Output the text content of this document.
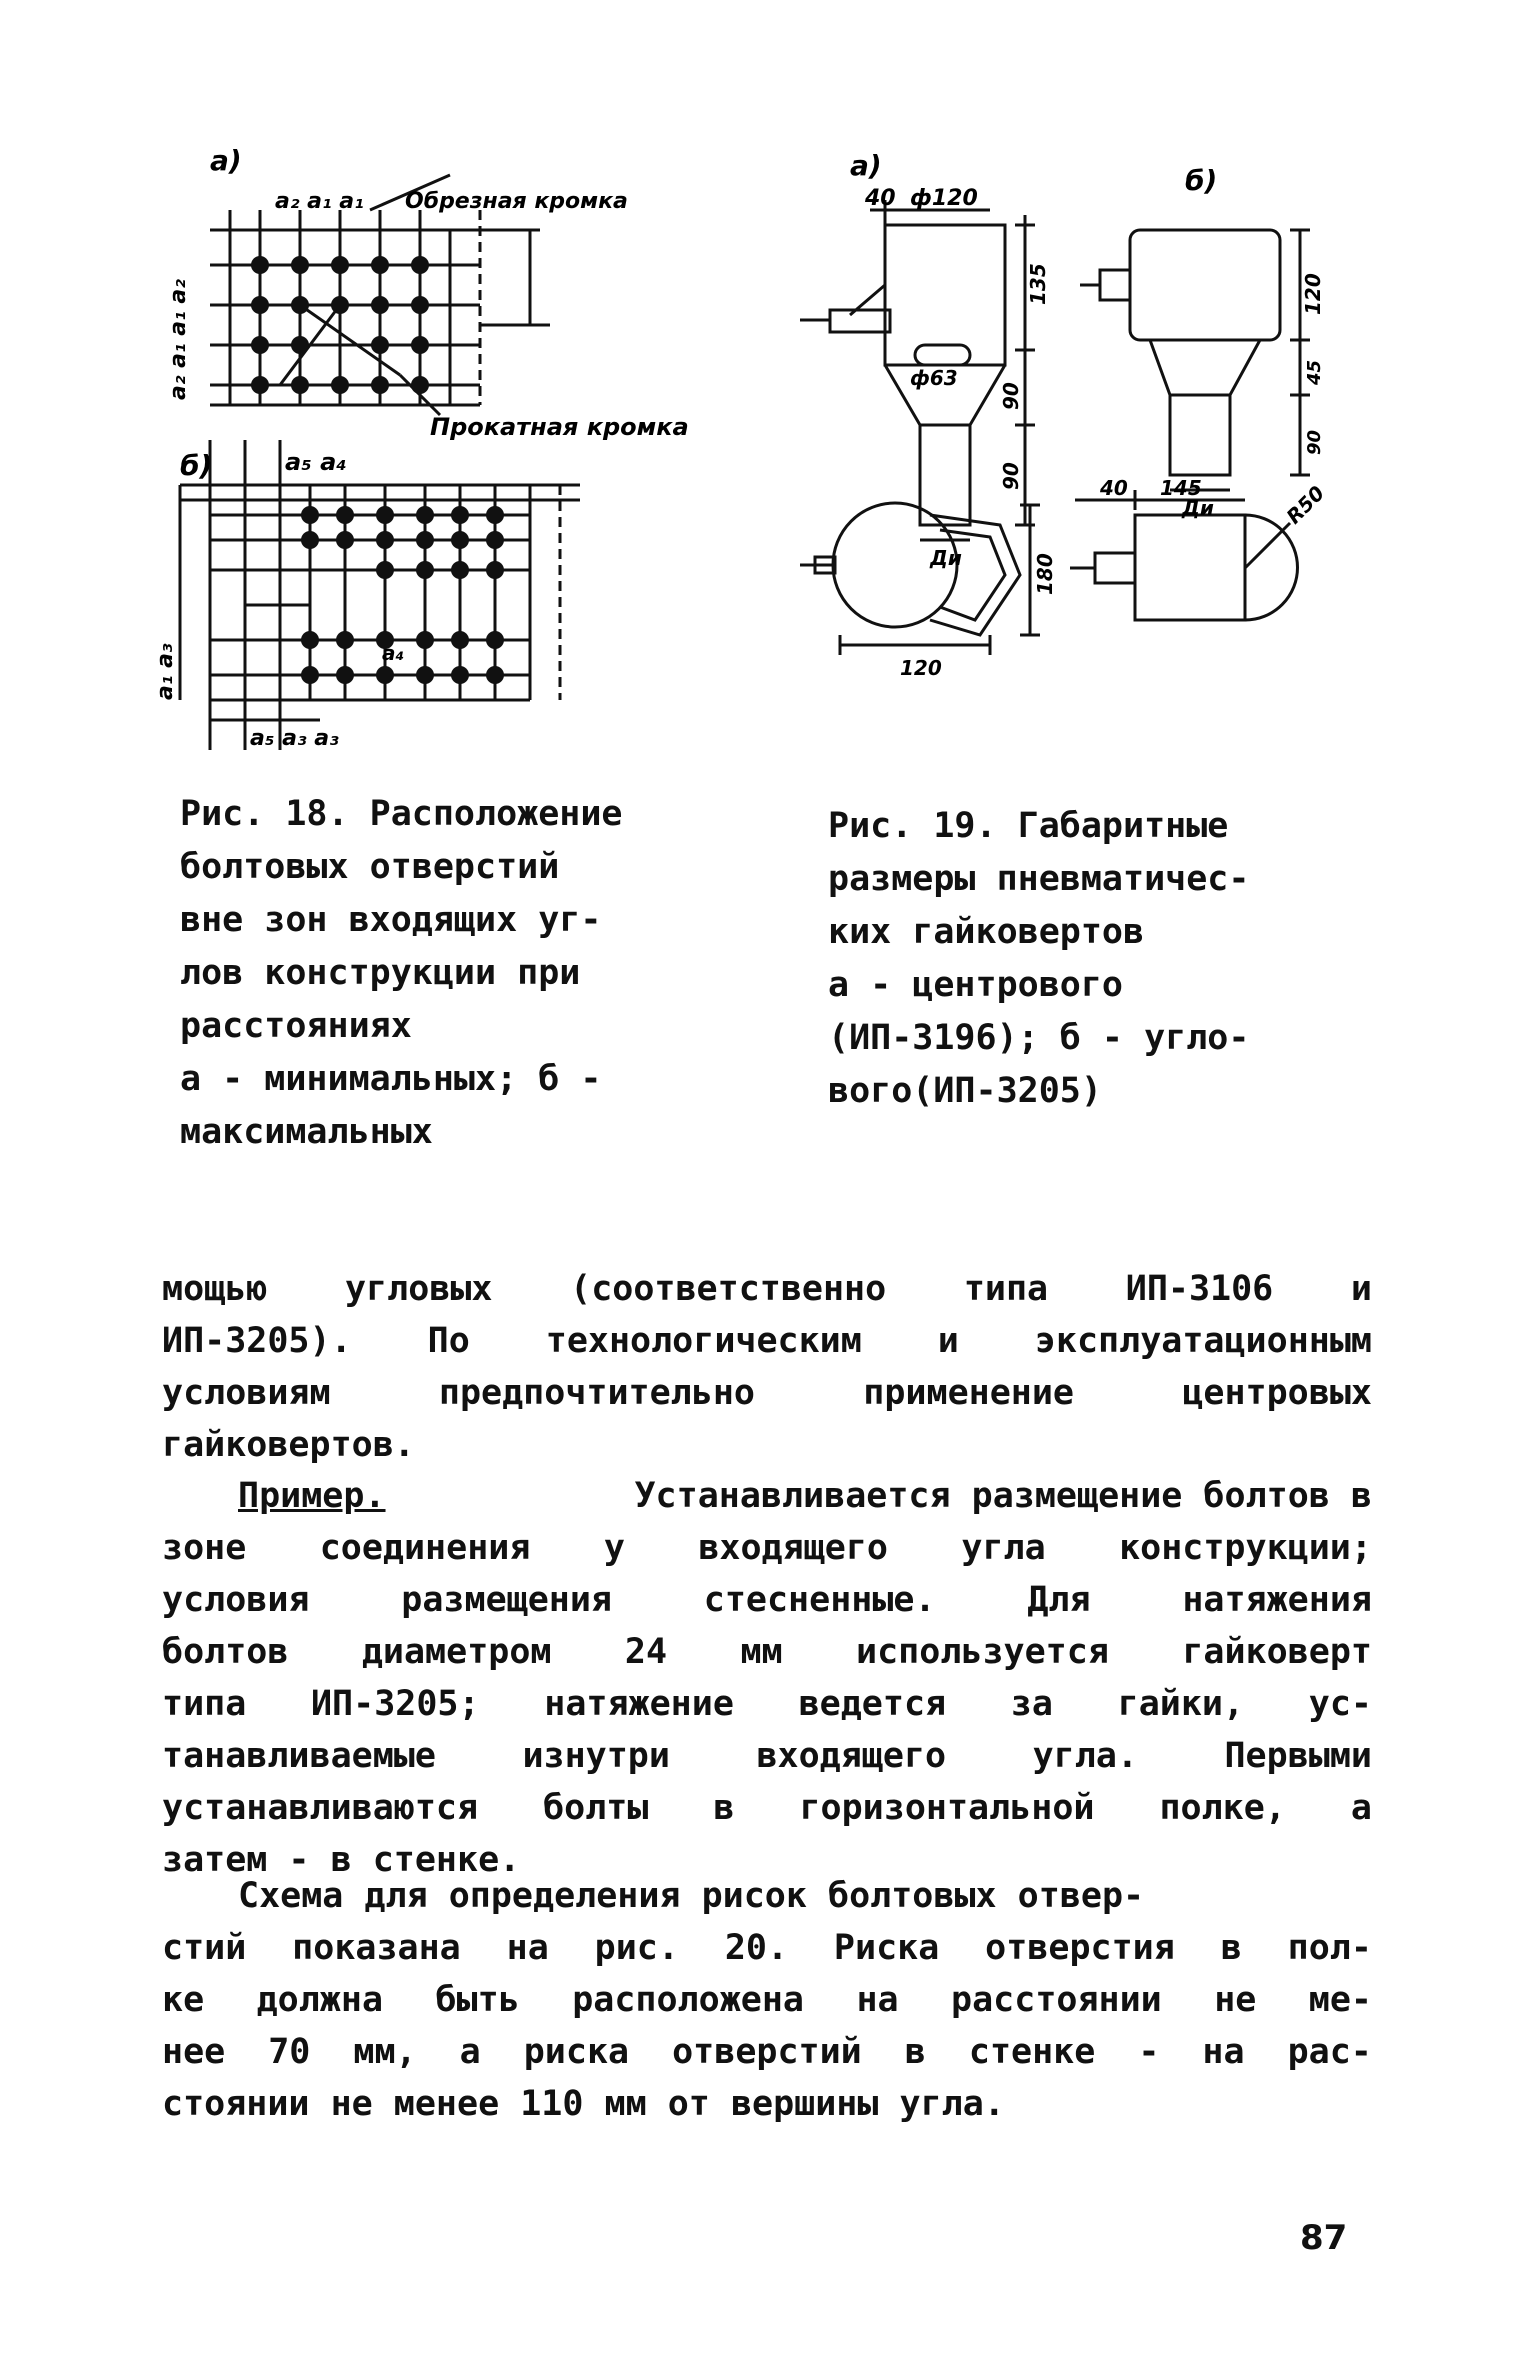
а)
a₂ a₁ a₁ Обрезная кромка
Прокатная кромка
a₂ a₁ a₁ a₂
б)	a₅ a₄
a₁ a₃	a₄
a₅ a₃ a₃
а)	б)
40 ф120
135
ф63
90
90
Ди
120
45
90
Ди
40 145	R50
180
120
Рис. 18. Расположение
болтовых отверстий
вне зон входящих уг-
лов конструкции при
расстояниях
а - минимальных; б -
максимальных
Рис. 19. Габаритные
размеры пневматичес-
ких гайковертов
а - центрового
(ИП-3196); б - угло-
вого(ИП-3205)
мощью угловых (соответственно типа ИП-3106 и
ИП-3205). По технологическим и эксплуатационным
условиям	предпочтительно	применение	центровых
гайковертов.
Пример.	Устанавливается размещение болтов в
зоне соединения у входящего угла конструкции;
условия	размещения	стесненные.	Для	натяжения
болтов диаметром 24 мм используется гайковерт
типа ИП-3205; натяжение ведется за гайки, ус-
танавливаемые изнутри входящего угла. Первыми
устанавливаются болты в горизонтальной полке, а
затем - в стенке.
Схема для определения рисок болтовых отвер-
стий показана на рис. 20. Риска отверстия в пол-
ке должна быть расположена на расстоянии не ме-
нее 70 мм, а риска отверстий в стенке - на рас-
стоянии не менее 110 мм от вершины угла.
87
